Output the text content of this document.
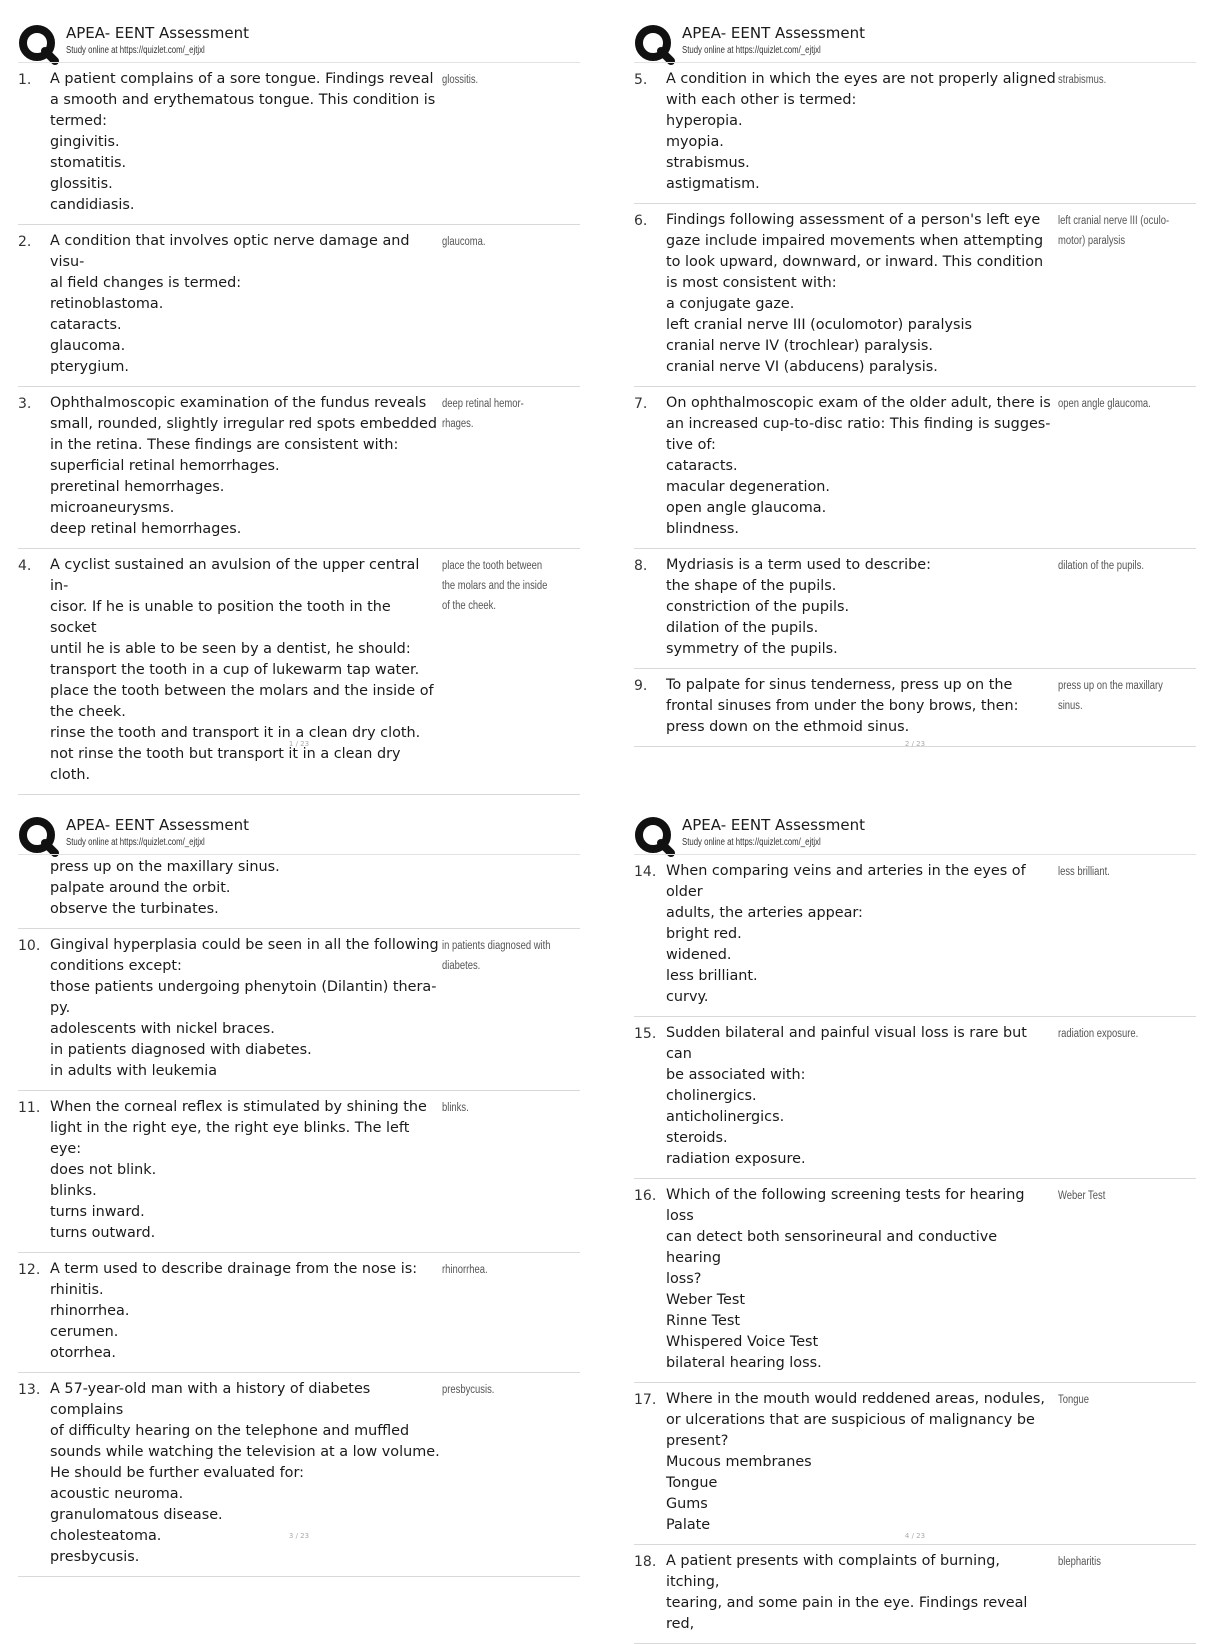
APEA- EENT Assessment
Study online at https://quizlet.com/_ejtjxl
1.	A patient complains of a sore tongue. Findings reveal
a smooth and erythematous tongue. This condition is
termed:
gingivitis.
stomatitis.
glossitis.
candidiasis.
glossitis.
2.	A condition that involves optic nerve damage and visu-
al field changes is termed:
retinoblastoma.
cataracts.
glaucoma.
pterygium.
glaucoma.
3.	Ophthalmoscopic examination of the fundus reveals
small, rounded, slightly irregular red spots embedded
in the retina. These findings are consistent with:
superficial retinal hemorrhages.
preretinal hemorrhages.
microaneurysms.
deep retinal hemorrhages.
deep retinal hemor-
rhages.
4.	A cyclist sustained an avulsion of the upper central in-
cisor. If he is unable to position the tooth in the socket
until he is able to be seen by a dentist, he should:
transport the tooth in a cup of lukewarm tap water.
place the tooth between the molars and the inside of
the cheek.
rinse the tooth and transport it in a clean dry cloth.
not rinse the tooth but transport it in a clean dry cloth.
place the tooth between
the molars and the inside
of the cheek.
1 / 23
APEA- EENT Assessment
Study online at https://quizlet.com/_ejtjxl
5.	A condition in which the eyes are not properly aligned
with each other is termed:
hyperopia.
myopia.
strabismus.
astigmatism.
strabismus.
6.	Findings following assessment of a person's left eye
gaze include impaired movements when attempting
to look upward, downward, or inward. This condition
is most consistent with:
a conjugate gaze.
left cranial nerve III (oculomotor) paralysis
cranial nerve IV (trochlear) paralysis.
cranial nerve VI (abducens) paralysis.
left cranial nerve III (oculo-
motor) paralysis
7.	On ophthalmoscopic exam of the older adult, there is
an increased cup-to-disc ratio: This finding is sugges-
tive of:
cataracts.
macular degeneration.
open angle glaucoma.
blindness.
open angle glaucoma.
8.	Mydriasis is a term used to describe:
the shape of the pupils.
constriction of the pupils.
dilation of the pupils.
symmetry of the pupils.
dilation of the pupils.
9.	To palpate for sinus tenderness, press up on the
frontal sinuses from under the bony brows, then:
press down on the ethmoid sinus.
press up on the maxillary
sinus.
2 / 23
APEA- EENT Assessment
Study online at https://quizlet.com/_ejtjxl
press up on the maxillary sinus.
palpate around the orbit.
observe the turbinates.
10. Gingival hyperplasia could be seen in all the following
conditions except:
those patients undergoing phenytoin (Dilantin) thera-
py.
adolescents with nickel braces.
in patients diagnosed with diabetes.
in adults with leukemia
in patients diagnosed with
diabetes.
11. When the corneal reflex is stimulated by shining the
light in the right eye, the right eye blinks. The left eye:
does not blink.
blinks.
turns inward.
turns outward.
blinks.
12. A term used to describe drainage from the nose is:
rhinitis.
rhinorrhea.
cerumen.
otorrhea.
rhinorrhea.
13. A 57-year-old man with a history of diabetes complains
of difficulty hearing on the telephone and muffled
sounds while watching the television at a low volume.
He should be further evaluated for:
acoustic neuroma.
granulomatous disease.
cholesteatoma.
presbycusis.
presbycusis.
3 / 23
APEA- EENT Assessment
Study online at https://quizlet.com/_ejtjxl
14. When comparing veins and arteries in the eyes of older
adults, the arteries appear:
bright red.
widened.
less brilliant.
curvy.
less brilliant.
15. Sudden bilateral and painful visual loss is rare but can
be associated with:
cholinergics.
anticholinergics.
steroids.
radiation exposure.
radiation exposure.
16. Which of the following screening tests for hearing loss
can detect both sensorineural and conductive hearing
loss?
Weber Test
Rinne Test
Whispered Voice Test
bilateral hearing loss.
Weber Test
17. Where in the mouth would reddened areas, nodules,
or ulcerations that are suspicious of malignancy be
present?
Mucous membranes
Tongue
Gums
Palate
Tongue
18. A patient presents with complaints of burning, itching,
tearing, and some pain in the eye. Findings reveal red,
blepharitis
4 / 23
